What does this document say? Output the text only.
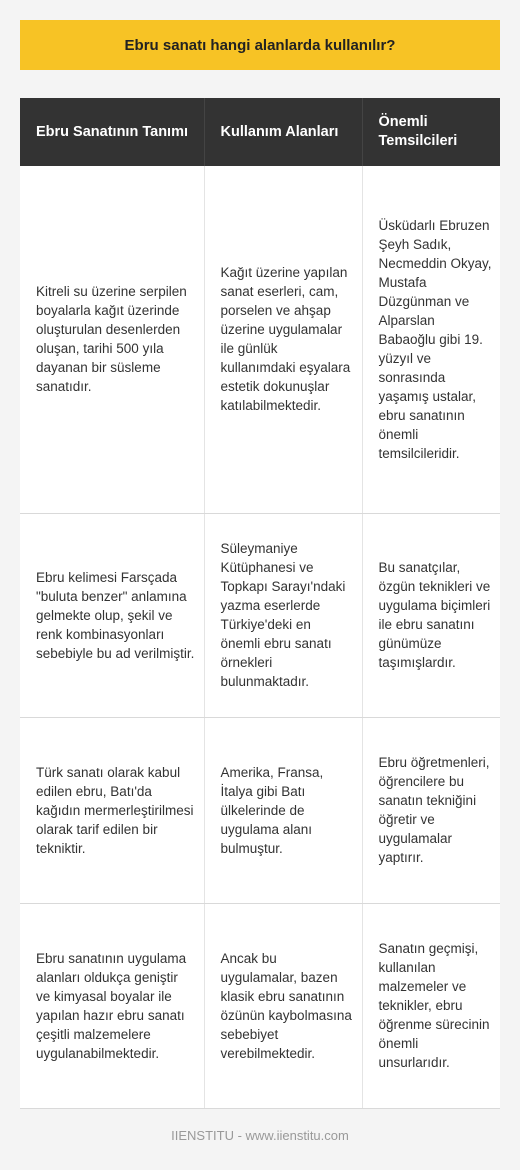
Ebru sanatı hangi alanlarda kullanılır?
Ebru Sanatının Tanımı	Kullanım Alanları	Önemli Temsilcileri
Kitreli su üzerine serpilen boyalarla kağıt üzerinde oluşturulan desenlerden oluşan, tarihi 500 yıla dayanan bir süsleme sanatıdır.	Kağıt üzerine yapılan sanat eserleri, cam, porselen ve ahşap üzerine uygulamalar ile günlük kullanımdaki eşyalara estetik dokunuşlar katılabilmektedir.	Üsküdarlı Ebruzen Şeyh Sadık, Necmeddin Okyay, Mustafa Düzgünman ve Alparslan Babaoğlu gibi 19. yüzyıl ve sonrasında yaşamış ustalar, ebru sanatının önemli temsilcileridir.
Ebru kelimesi Farsçada "buluta benzer" anlamına gelmekte olup, şekil ve renk kombinasyonları sebebiyle bu ad verilmiştir.	Süleymaniye Kütüphanesi ve Topkapı Sarayı'ndaki yazma eserlerde Türkiye'deki en önemli ebru sanatı örnekleri bulunmaktadır.	Bu sanatçılar, özgün teknikleri ve uygulama biçimleri ile ebru sanatını günümüze taşımışlardır.
Türk sanatı olarak kabul edilen ebru, Batı'da kağıdın mermerleştirilmesi olarak tarif edilen bir tekniktir.	Amerika, Fransa, İtalya gibi Batı ülkelerinde de uygulama alanı bulmuştur.	Ebru öğretmenleri, öğrencilere bu sanatın tekniğini öğretir ve uygulamalar yaptırır.
Ebru sanatının uygulama alanları oldukça geniştir ve kimyasal boyalar ile yapılan hazır ebru sanatı çeşitli malzemelere uygulanabilmektedir.	Ancak bu uygulamalar, bazen klasik ebru sanatının özünün kaybolmasına sebebiyet verebilmektedir.	Sanatın geçmişi, kullanılan malzemeler ve teknikler, ebru öğrenme sürecinin önemli unsurlarıdır.
IIENSTITU - www.iienstitu.com
